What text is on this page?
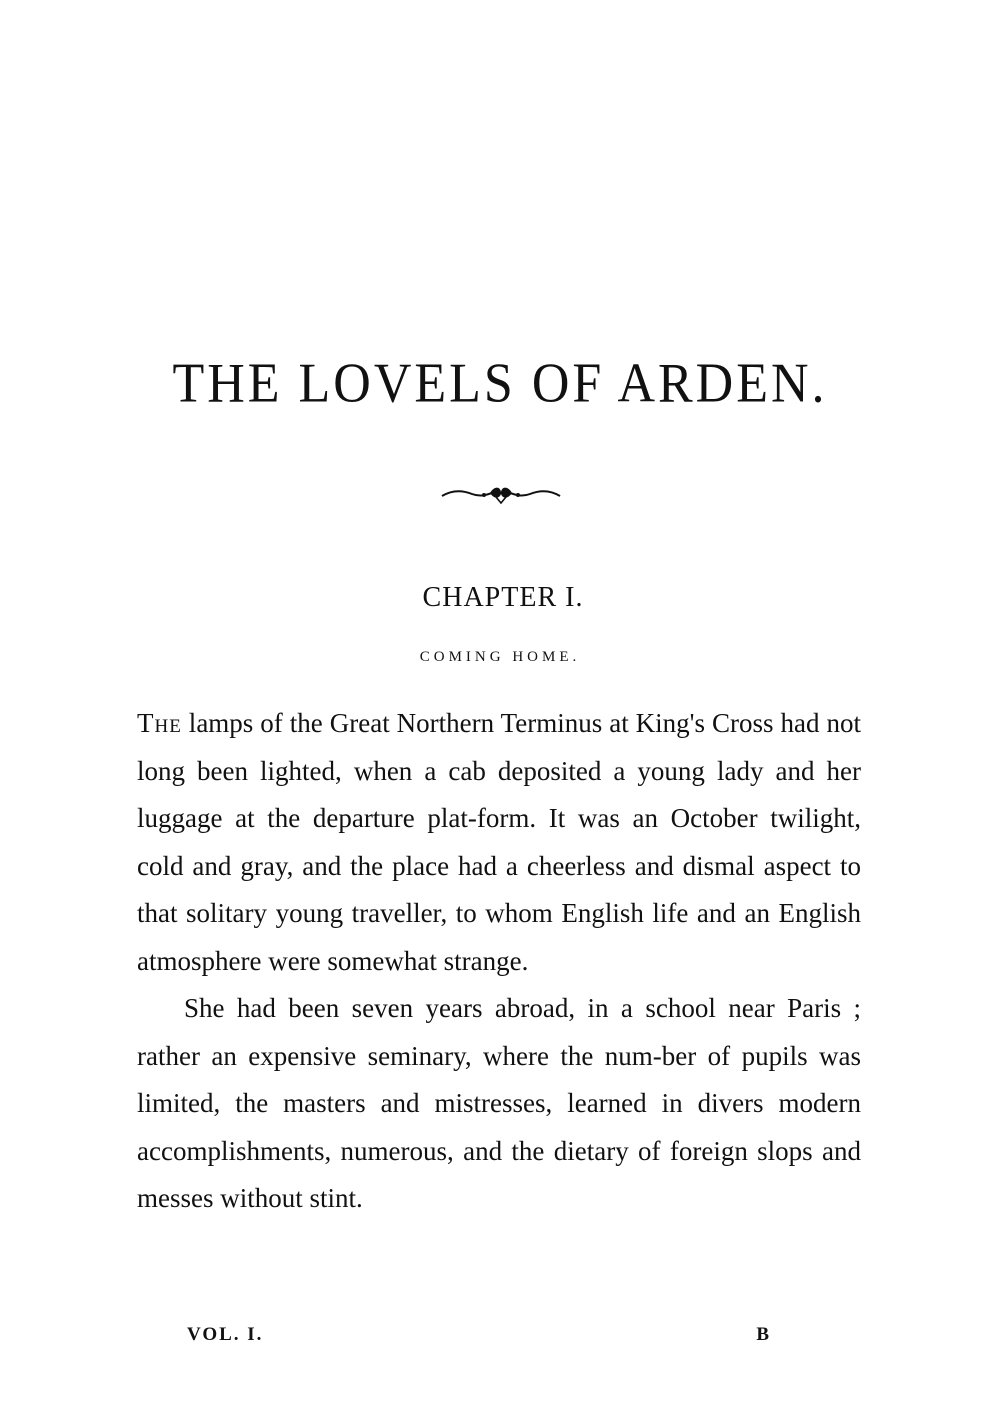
THE LOVELS OF ARDEN.
CHAPTER I.
COMING HOME.

The lamps of the Great Northern Terminus at King's Cross had not long been lighted, when a cab deposited a young lady and her luggage at the departure plat-form. It was an October twilight, cold and gray, and the place had a cheerless and dismal aspect to that solitary young traveller, to whom English life and an English atmosphere were somewhat strange.

She had been seven years abroad, in a school near Paris ; rather an expensive seminary, where the num-ber of pupils was limited, the masters and mistresses, learned in divers modern accomplishments, numerous, and the dietary of foreign slops and messes without stint.

VOL. I.	B
